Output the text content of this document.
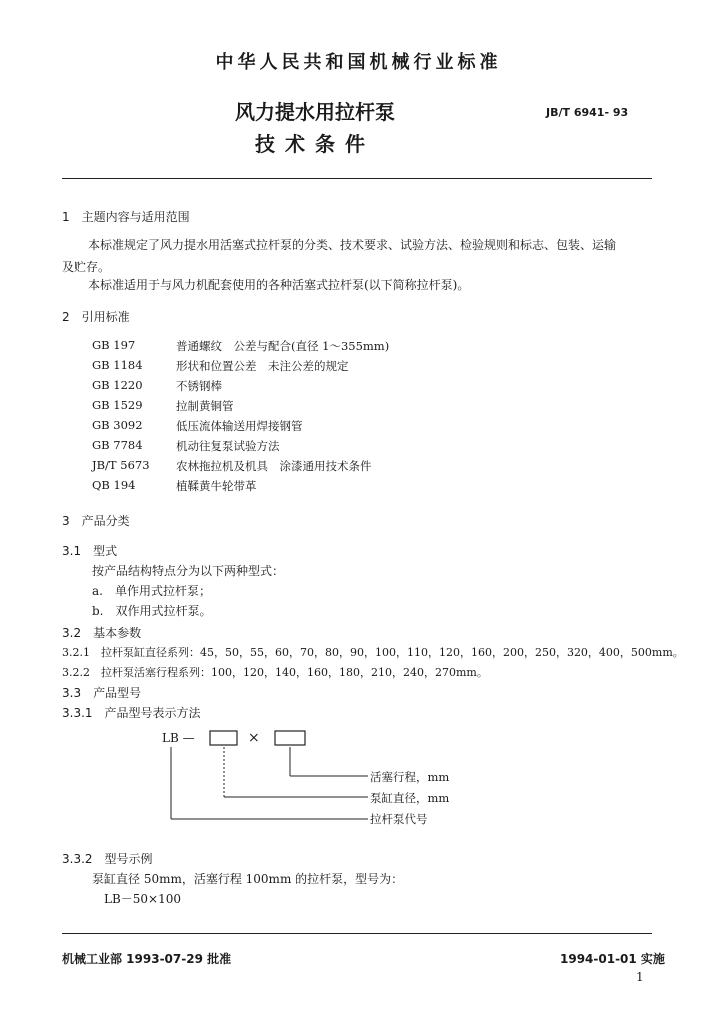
中华人民共和国机械行业标准
风力提水用拉杆泵
技术条件
JB/T 6941- 93
1　主题内容与适用范围
本标准规定了风力提水用活塞式拉杆泵的分类、技术要求、试验方法、检验规则和标志、包装、运输
及贮存。
本标准适用于与风力机配套使用的各种活塞式拉杆泵(以下简称拉杆泵)。
2　引用标准
GB 197	普通螺纹　公差与配合(直径 1～355mm)
GB 1184	形状和位置公差　未注公差的规定
GB 1220	不锈钢棒
GB 1529	拉制黄铜管
GB 3092	低压流体输送用焊接钢管
GB 7784	机动往复泵试验方法
JB/T 5673 农林拖拉机及机具　涂漆通用技术条件
QB 194	植鞣黄牛轮带革
3　产品分类
3.1　型式
按产品结构特点分为以下两种型式：
a.　单作用式拉杆泵；
b.　双作用式拉杆泵。
3.2　基本参数
3.2.1　拉杆泵缸直径系列：45，50，55，60，70，80，90，100，110，120，160，200，250，320，400，500mm。
3.2.2　拉杆泵活塞行程系列：100，120，140，160，180，210，240，270mm。
3.3　产品型号
3.3.1　产品型号表示方法
LB —	×
活塞行程，mm
泵缸直径，mm
拉杆泵代号
3.3.2　型号示例
泵缸直径 50mm，活塞行程 100mm 的拉杆泵，型号为：
LB－50×100
机械工业部 1993-07-29 批准	1994-01-01 实施
1
